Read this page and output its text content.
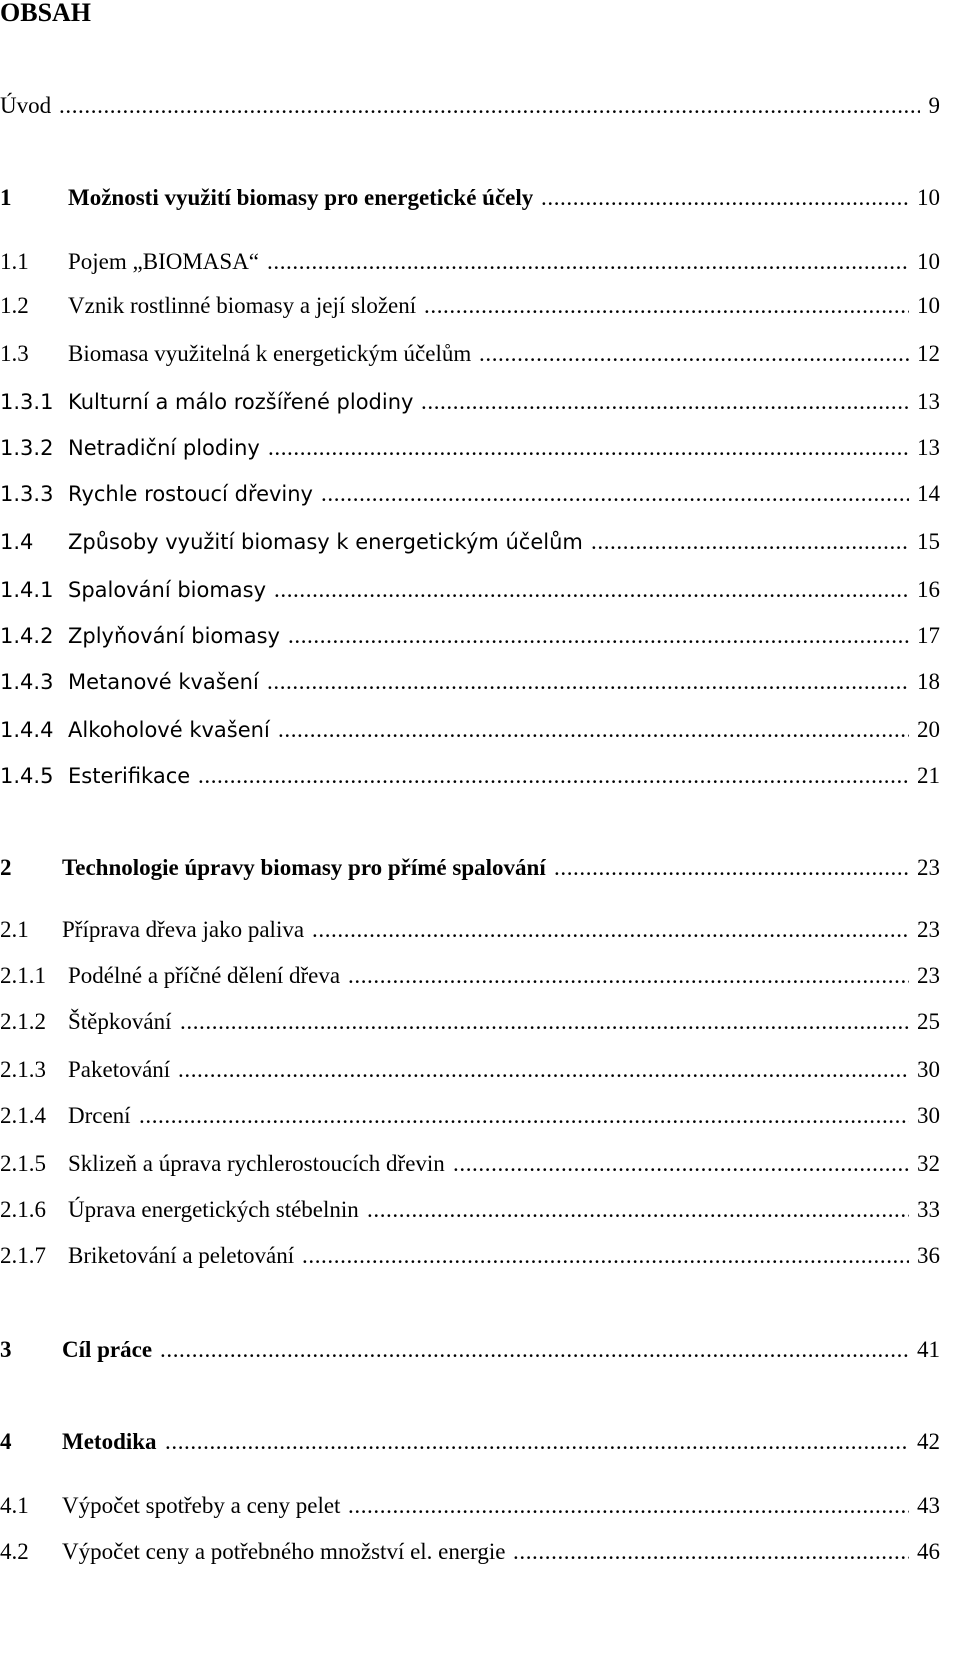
OBSAH
Úvod .....	9
1 Možnosti využití biomasy pro energetické účely .....	10
1.1 Pojem „BIOMASA“ .....	10
1.2 Vznik rostlinné biomasy a její složení .....	10
1.3 Biomasa využitelná k energetickým účelům .....	12
1.3.1 Kulturní a málo rozšířené plodiny .....	13
1.3.2 Netradiční plodiny .....	13
1.3.3 Rychle rostoucí dřeviny .....	14
1.4 Způsoby využití biomasy k energetickým účelům .....	15
1.4.1 Spalování biomasy .....	16
1.4.2 Zplyňování biomasy .....	17
1.4.3 Metanové kvašení .....	18
1.4.4 Alkoholové kvašení .....	20
1.4.5 Esterifikace .....	21
2 Technologie úpravy biomasy pro přímé spalování .....	23
2.1 Příprava dřeva jako paliva .....	23
2.1.1 Podélné a příčné dělení dřeva .....	23
2.1.2 Štěpkování .....	25
2.1.3 Paketování .....	30
2.1.4 Drcení .....	30
2.1.5 Sklizeň a úprava rychlerostoucích dřevin .....	32
2.1.6 Úprava energetických stébelnin .....	33
2.1.7 Briketování a peletování .....	36
3 Cíl práce .....	41
4 Metodika .....	42
4.1 Výpočet spotřeby a ceny pelet .....	43
4.2 Výpočet ceny a potřebného množství el. energie .....	46
